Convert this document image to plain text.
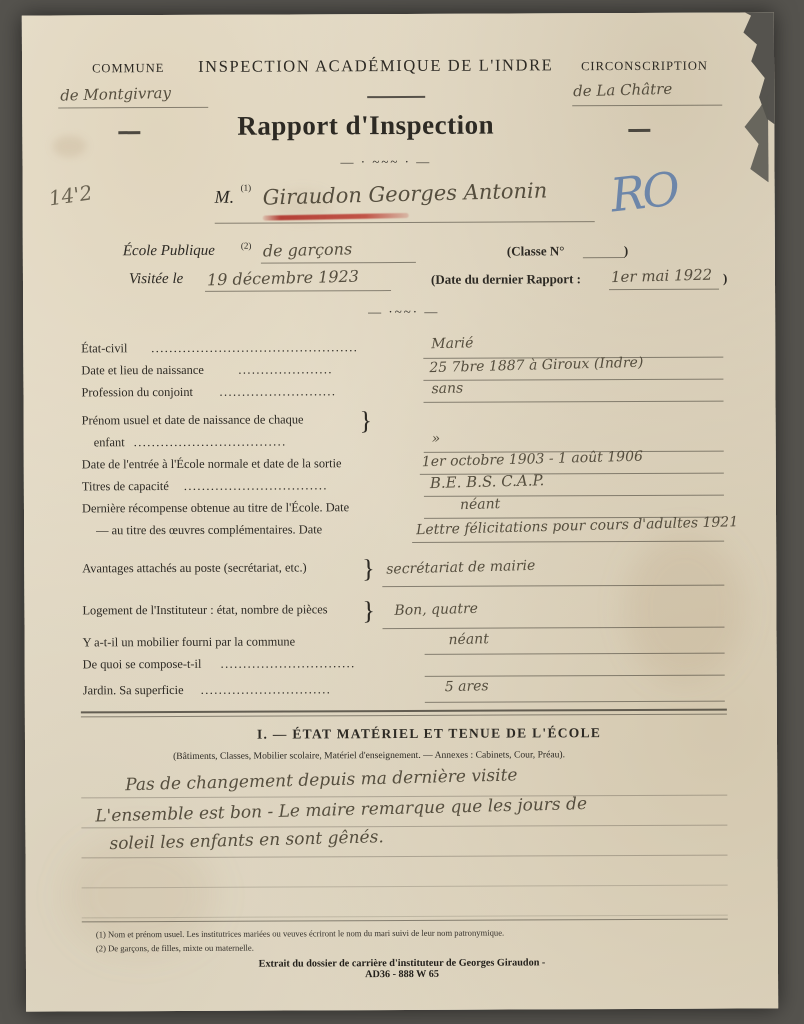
COMMUNE
de Montgivray
INSPECTION ACADÉMIQUE DE L'INDRE CIRCONSCRIPTION
de La Châtre
Rapport d'Inspection
— · ~~~ · —
14'2	RO
M. (1) Giraudon Georges Antonin
École Publique	(2) de garçons	(Classe N°	)
Visitée le 19 décembre 1923	(Date du dernier Rapport : 1er mai 1922 )
— ·~~· —
État-civil ..............................................	Marié
Date et lieu de naissance	.....................	25 7bre 1887 à Giroux (Indre)
Profession du conjoint ..........................	sans
Prénom usuel et date de naissance de chaque }
enfant ..................................	»
Date de l'entrée à l'École normale et date de la sortie	1er octobre 1903 - 1 août 1906
Titres de capacité ................................	B.E. B.S. C.A.P.
Dernière récompense obtenue au titre de l'École. Date	néant
— au titre des œuvres complémentaires. Date	Lettre félicitations pour cours d'adultes 1921
Avantages attachés au poste (secrétariat, etc.) } secrétariat de mairie
Logement de l'Instituteur : état, nombre de pièces } Bon, quatre
Y a-t-il un mobilier fourni par la commune	néant
De quoi se compose-t-il ..............................
Jardin. Sa superficie .............................	5 ares
I. — ÉTAT MATÉRIEL ET TENUE DE L'ÉCOLE
(Bâtiments, Classes, Mobilier scolaire, Matériel d'enseignement. — Annexes : Cabinets, Cour, Préau).
Pas de changement depuis ma dernière visite
L'ensemble est bon - Le maire remarque que les jours de
soleil les enfants en sont gênés.
(1) Nom et prénom usuel. Les institutrices mariées ou veuves écriront le nom du mari suivi de leur nom patronymique.
(2) De garçons, de filles, mixte ou maternelle.
Extrait du dossier de carrière d'instituteur de Georges Giraudon -
AD36 - 888 W 65
